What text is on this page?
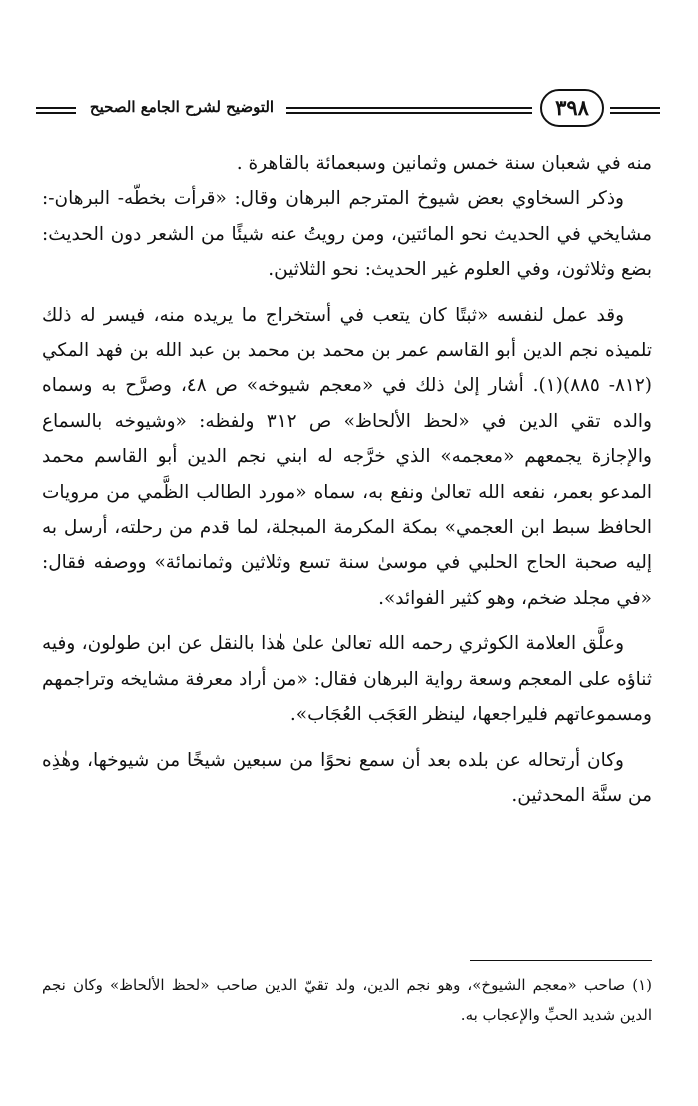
التوضيح لشرح الجامع الصحيح	٣٩٨

منه في شعبان سنة خمس وثمانين وسبعمائة بالقاهرة .

وذكر السخاوي بعض شيوخ المترجم البرهان وقال: «قرأت بخطّه- البرهان-: مشايخي في الحديث نحو المائتين، ومن رويتُ عنه شيئًا من الشعر دون الحديث: بضع وثلاثون، وفي العلوم غير الحديث: نحو الثلاثين.

وقد عمل لنفسه «ثبتًا كان يتعب في أستخراج ما يريده منه، فيسر له ذلك تلميذه نجم الدين أبو القاسم عمر بن محمد بن محمد بن عبد الله بن فهد المكي (٨١٢- ٨٨٥)(١). أشار إلىٰ ذلك في «معجم شيوخه» ص ٤٨، وصرَّح به وسماه والده تقي الدين في «لحظ الألحاظ» ص ٣١٢ ولفظه: «وشيوخه بالسماع والإجازة يجمعهم «معجمه» الذي خرَّجه له ابني نجم الدين أبو القاسم محمد المدعو بعمر، نفعه الله تعالىٰ ونفع به، سماه «مورد الطالب الظَّمي من مرويات الحافظ سبط ابن العجمي» بمكة المكرمة المبجلة، لما قدم من رحلته، أرسل به إليه صحبة الحاج الحلبي في موسىٰ سنة تسع وثلاثين وثمانمائة» ووصفه فقال: «في مجلد ضخم، وهو كثير الفوائد».

وعلَّق العلامة الكوثري رحمه الله تعالىٰ علىٰ هٰذا بالنقل عن ابن طولون، وفيه ثناؤه على المعجم وسعة رواية البرهان فقال: «من أراد معرفة مشايخه وتراجمهم ومسموعاتهم فليراجعها، لينظر العَجَب العُجَاب».

وكان أرتحاله عن بلده بعد أن سمع نحوًا من سبعين شيخًا من شيوخها، وهٰذِه من سنَّة المحدثين.

(١) صاحب «معجم الشيوخ»، وهو نجم الدين، ولد تقيّ الدين صاحب «لحظ الألحاظ» وكان نجم الدين شديد الحبِّ والإعجاب به.
